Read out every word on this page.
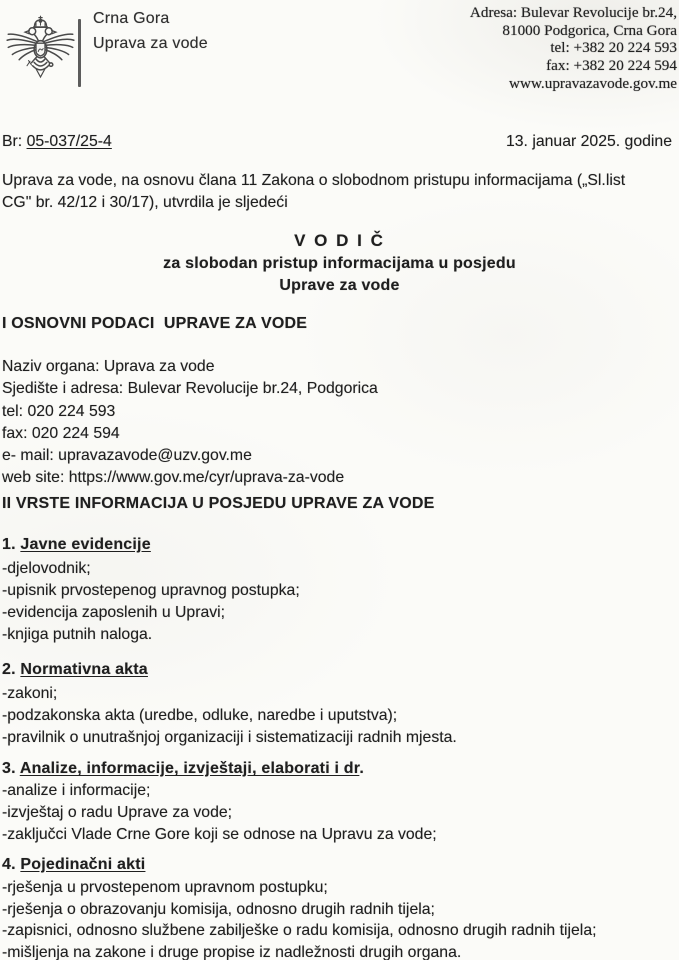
Crna Gora
Uprava za vode
Adresa: Bulevar Revolucije br.24,
81000 Podgorica, Crna Gora
tel: +382 20 224 593
fax: +382 20 224 594
www.upravazavode.gov.me
Br: 05-037/25-4	13. januar 2025. godine
Uprava za vode, na osnovu člana 11 Zakona o slobodnom pristupu informacijama („Sl.list
CG" br. 42/12 i 30/17), utvrdila je sljedeći
V O D I Č
za slobodan pristup informacijama u posjedu
Uprave za vode
I OSNOVNI PODACI  UPRAVE ZA VODE
Naziv organa: Uprava za vode
Sjedište i adresa: Bulevar Revolucije br.24, Podgorica
tel: 020 224 593
fax: 020 224 594
e- mail: upravazavode@uzv.gov.me
web site: https://www.gov.me/cyr/uprava-za-vode
II VRSTE INFORMACIJA U POSJEDU UPRAVE ZA VODE
1. Javne evidencije
-djelovodnik;
-upisnik prvostepenog upravnog postupka;
-evidencija zaposlenih u Upravi;
-knjiga putnih naloga.
2. Normativna akta
-zakoni;
-podzakonska akta (uredbe, odluke, naredbe i uputstva);
-pravilnik o unutrašnjoj organizaciji i sistematizaciji radnih mjesta.
3. Analize, informacije, izvještaji, elaborati i dr.
-analize i informacije;
-izvještaj o radu Uprave za vode;
-zaključci Vlade Crne Gore koji se odnose na Upravu za vode;
4. Pojedinačni akti
-rješenja u prvostepenom upravnom postupku;
-rješenja o obrazovanju komisija, odnosno drugih radnih tijela;
-zapisnici, odnosno službene zabilješke o radu komisija, odnosno drugih radnih tijela;
-mišljenja na zakone i druge propise iz nadležnosti drugih organa.
